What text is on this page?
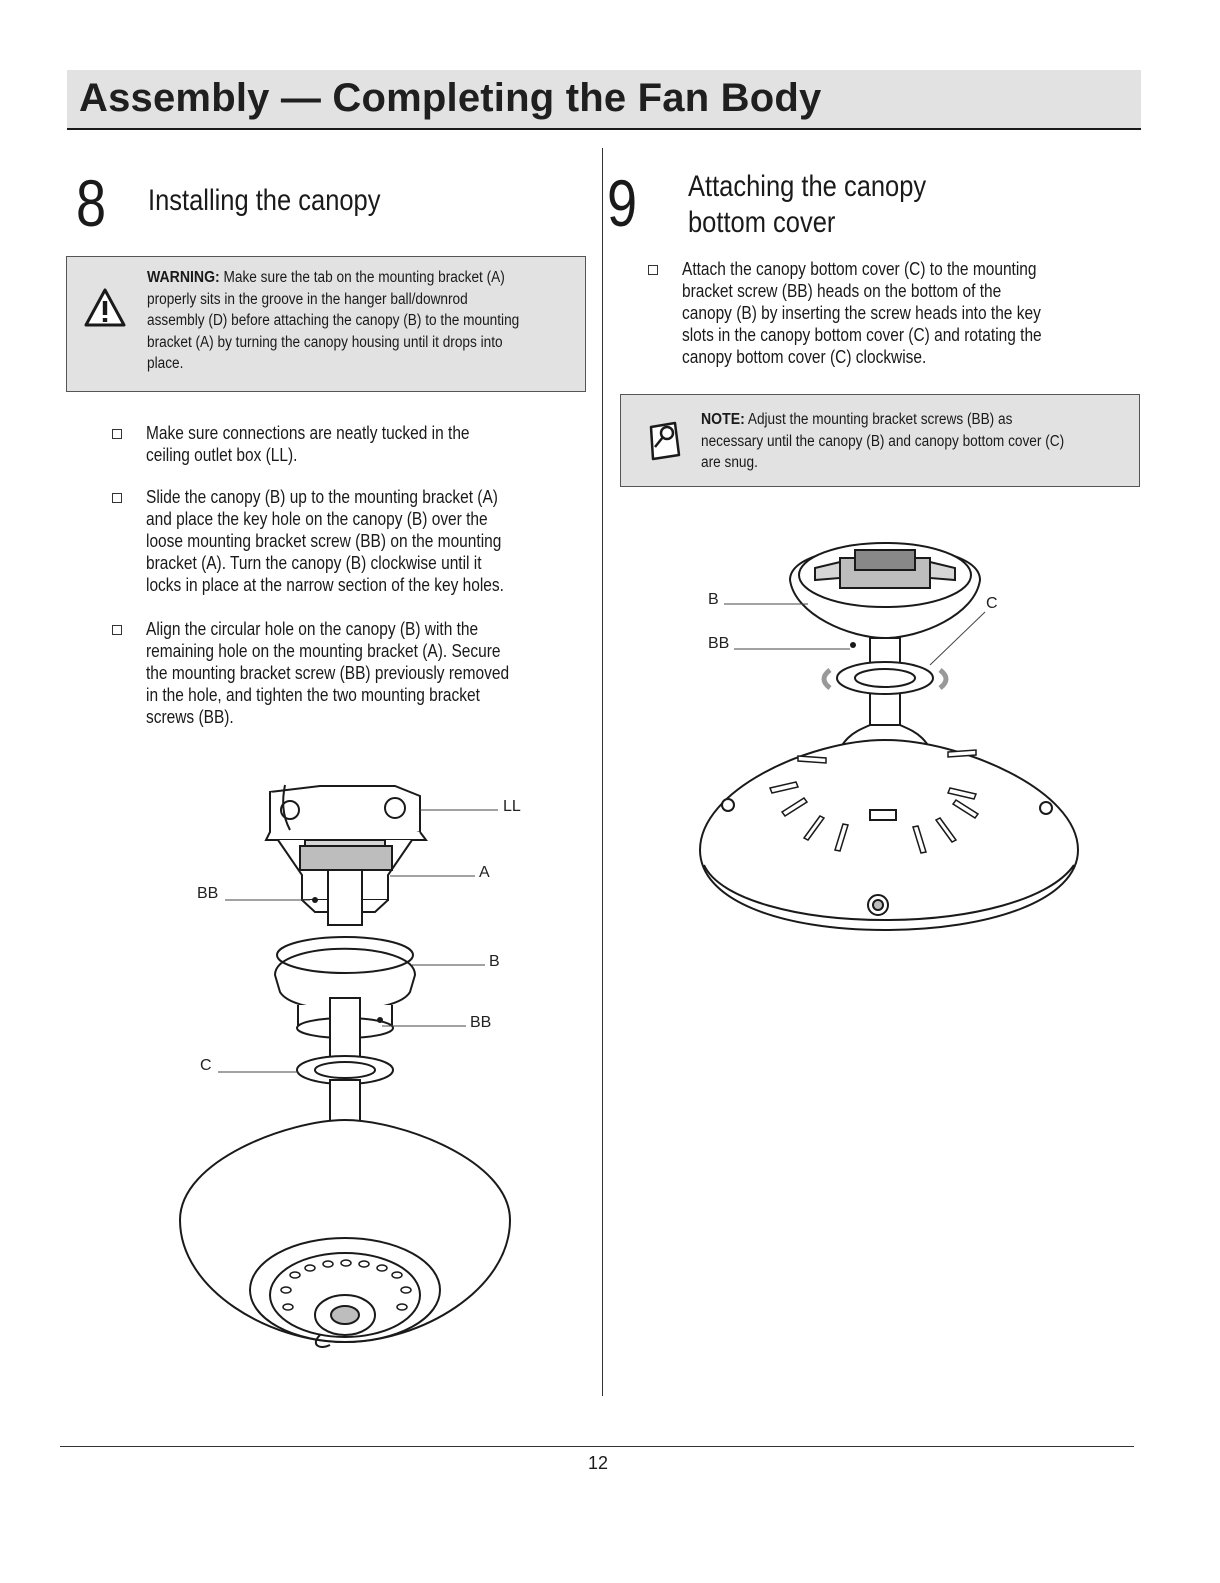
Assembly — Completing the Fan Body
8 Installing the canopy
WARNING: Make sure the tab on the mounting bracket (A)
properly sits in the groove in the hanger ball/downrod
assembly (D) before attaching the canopy (B) to the mounting
bracket (A) by turning the canopy housing until it drops into
place.
Make sure connections are neatly tucked in the
ceiling outlet box (LL).
Slide the canopy (B) up to the mounting bracket (A)
and place the key hole on the canopy (B) over the
loose mounting bracket screw (BB) on the mounting
bracket (A). Turn the canopy (B) clockwise until it
locks in place at the narrow section of the key holes.
Align the circular hole on the canopy (B) with the
remaining hole on the mounting bracket (A). Secure
the mounting bracket screw (BB) previously removed
in the hole, and tighten the two mounting bracket
screws (BB).
LL
A
BB
B
BB
C
9 Attaching the canopy
bottom cover
Attach the canopy bottom cover (C) to the mounting
bracket screw (BB) heads on the bottom of the
canopy (B) by inserting the screw heads into the key
slots in the canopy bottom cover (C) and rotating the
canopy bottom cover (C) clockwise.
NOTE: Adjust the mounting bracket screws (BB) as
necessary until the canopy (B) and canopy bottom cover (C)
are snug.
B
BB
C
12
